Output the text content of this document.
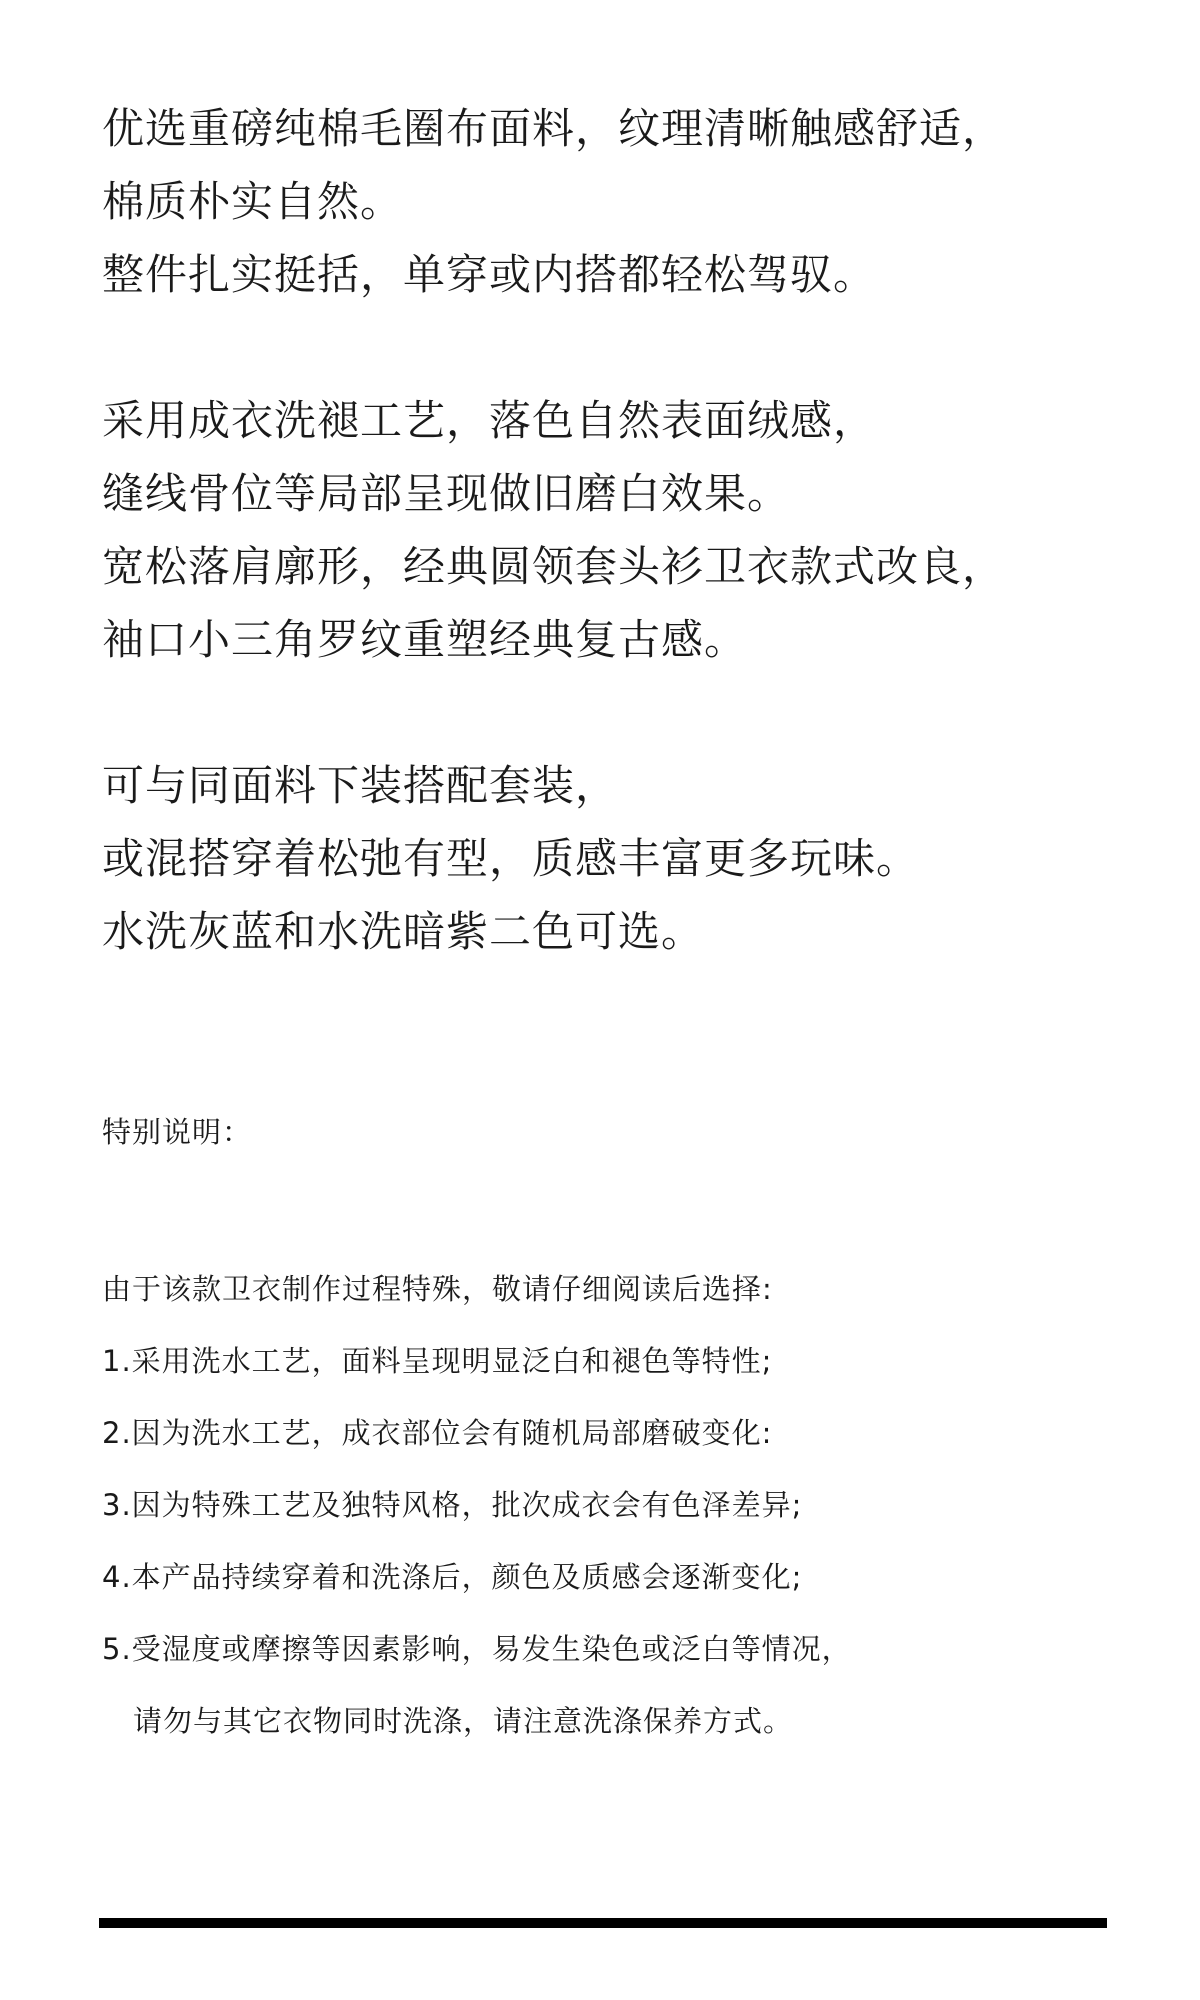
优选重磅纯棉毛圈布面料，纹理清晰触感舒适，
棉质朴实自然。
整件扎实挺括，单穿或内搭都轻松驾驭。
采用成衣洗褪工艺，落色自然表面绒感，
缝线骨位等局部呈现做旧磨白效果。
宽松落肩廓形，经典圆领套头衫卫衣款式改良，
袖口小三角罗纹重塑经典复古感。
可与同面料下装搭配套装，
或混搭穿着松弛有型，质感丰富更多玩味。
水洗灰蓝和水洗暗紫二色可选。
特别说明：
由于该款卫衣制作过程特殊，敬请仔细阅读后选择:
1.采用洗水工艺，面料呈现明显泛白和褪色等特性;
2.因为洗水工艺，成衣部位会有随机局部磨破变化:
3.因为特殊工艺及独特风格，批次成衣会有色泽差异;
4.本产品持续穿着和洗涤后，颜色及质感会逐渐变化;
5.受湿度或摩擦等因素影响，易发生染色或泛白等情况，
请勿与其它衣物同时洗涤，请注意洗涤保养方式。
